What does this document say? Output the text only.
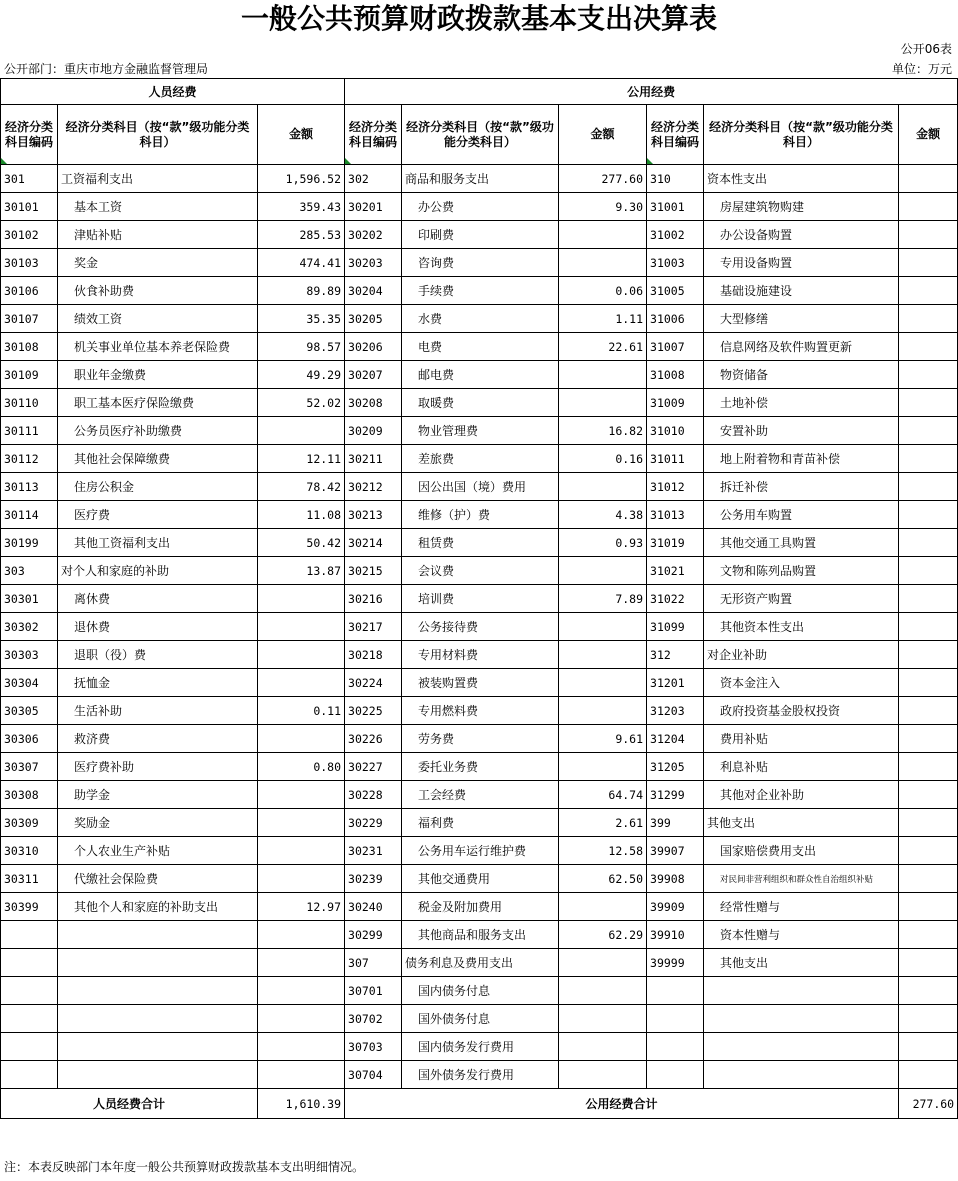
一般公共预算财政拨款基本支出决算表
公开06表
公开部门：重庆市地方金融监督管理局	单位：万元
人员经费			公用经费					
经济分类科目编码	经济分类科目（按“款”级功能分类科目）	金额	经济分类科目编码	经济分类科目（按“款”级功能分类科目）	金额	经济分类科目编码	经济分类科目（按“款”级功能分类科目）	金额
301	工资福利支出	1,596.52	302	商品和服务支出	277.60	310	资本性支出	
30101	基本工资	359.43	30201	办公费	9.30	31001	房屋建筑物购建	
30102	津贴补贴	285.53	30202	印刷费		31002	办公设备购置	
30103	奖金	474.41	30203	咨询费		31003	专用设备购置	
30106	伙食补助费	89.89	30204	手续费	0.06	31005	基础设施建设	
30107	绩效工资	35.35	30205	水费	1.11	31006	大型修缮	
30108	机关事业单位基本养老保险费	98.57	30206	电费	22.61	31007	信息网络及软件购置更新	
30109	职业年金缴费	49.29	30207	邮电费		31008	物资储备	
30110	职工基本医疗保险缴费	52.02	30208	取暖费		31009	土地补偿	
30111	公务员医疗补助缴费		30209	物业管理费	16.82	31010	安置补助	
30112	其他社会保障缴费	12.11	30211	差旅费	0.16	31011	地上附着物和青苗补偿	
30113	住房公积金	78.42	30212	因公出国（境）费用		31012	拆迁补偿	
30114	医疗费	11.08	30213	维修（护）费	4.38	31013	公务用车购置	
30199	其他工资福利支出	50.42	30214	租赁费	0.93	31019	其他交通工具购置	
303	对个人和家庭的补助	13.87	30215	会议费		31021	文物和陈列品购置	
30301	离休费		30216	培训费	7.89	31022	无形资产购置	
30302	退休费		30217	公务接待费		31099	其他资本性支出	
30303	退职（役）费		30218	专用材料费		312	对企业补助	
30304	抚恤金		30224	被装购置费		31201	资本金注入	
30305	生活补助	0.11	30225	专用燃料费		31203	政府投资基金股权投资	
30306	救济费		30226	劳务费	9.61	31204	费用补贴	
30307	医疗费补助	0.80	30227	委托业务费		31205	利息补贴	
30308	助学金		30228	工会经费	64.74	31299	其他对企业补助	
30309	奖励金		30229	福利费	2.61	399	其他支出	
30310	个人农业生产补贴		30231	公务用车运行维护费	12.58	39907	国家赔偿费用支出	
30311	代缴社会保险费		30239	其他交通费用	62.50	39908	对民间非营利组织和群众性自治组织补贴	
30399	其他个人和家庭的补助支出	12.97	30240	税金及附加费用		39909	经常性赠与	
			30299	其他商品和服务支出	62.29	39910	资本性赠与	
			307	债务利息及费用支出		39999	其他支出	
			30701	国内债务付息				
			30702	国外债务付息				
			30703	国内债务发行费用				
			30704	国外债务发行费用				
人员经费合计		1,610.39	公用经费合计					277.60
注：本表反映部门本年度一般公共预算财政拨款基本支出明细情况。
